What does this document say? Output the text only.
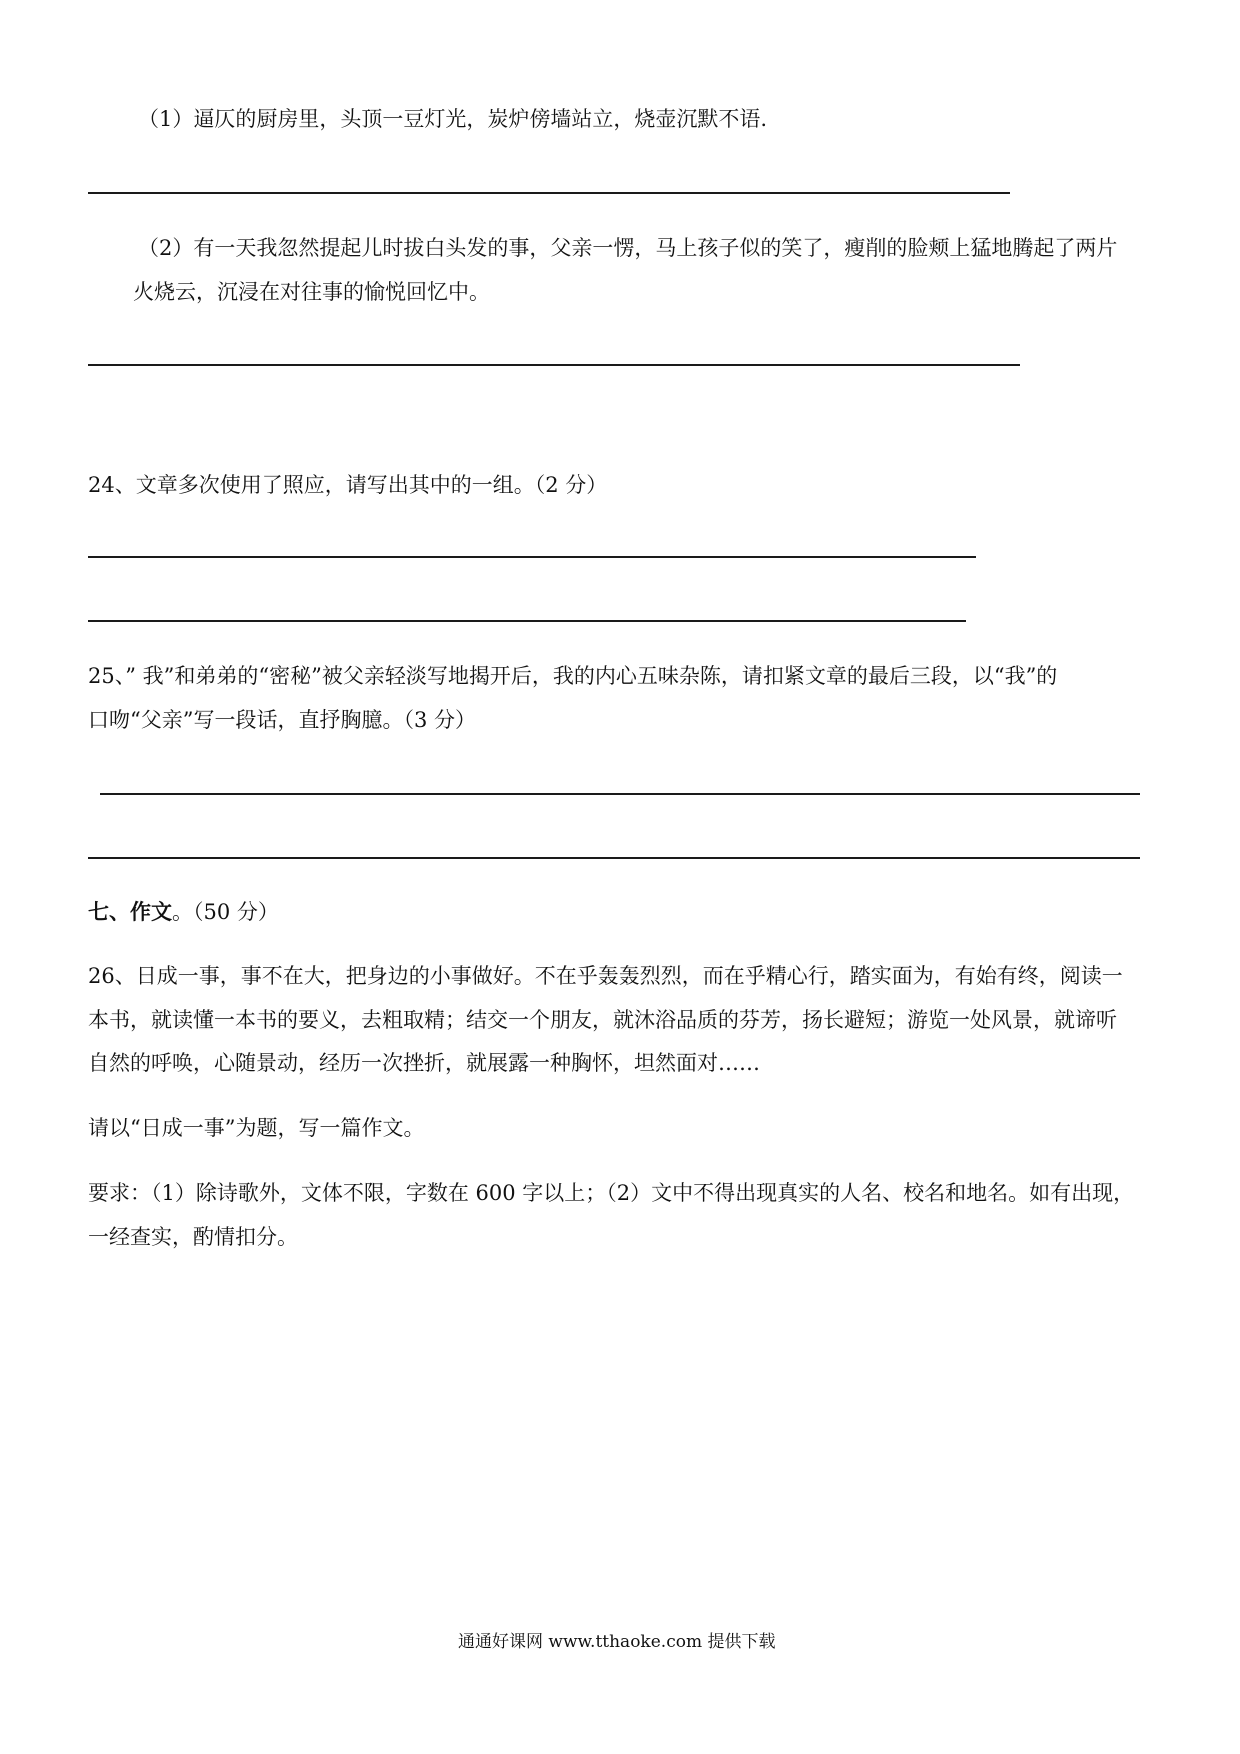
（1）逼仄的厨房里，头顶一豆灯光，炭炉傍墙站立，烧壶沉默不语.
（2）有一天我忽然提起儿时拔白头发的事，父亲一愣，马上孩子似的笑了，瘦削的脸颊上猛地腾起了两片
火烧云，沉浸在对往事的愉悦回忆中。
24、文章多次使用了照应，请写出其中的一组。（2 分）
25、” 我”和弟弟的“密秘”被父亲轻淡写地揭开后，我的内心五味杂陈，请扣紧文章的最后三段，以“我”的
口吻“父亲”写一段话，直抒胸臆。（3 分）
七、作文。（50 分）
26、日成一事，事不在大，把身边的小事做好。不在乎轰轰烈烈，而在乎精心行，踏实面为，有始有终，阅读一
本书，就读懂一本书的要义，去粗取精；结交一个朋友，就沐浴品质的芬芳，扬长避短；游览一处风景，就谛听
自然的呼唤，心随景动，经历一次挫折，就展露一种胸怀，坦然面对……
请以“日成一事”为题，写一篇作文。
要求：（1）除诗歌外，文体不限，字数在 600 字以上；（2）文中不得出现真实的人名、校名和地名。如有出现，
一经查实，酌情扣分。
通通好课网 www.tthaoke.com 提供下载
